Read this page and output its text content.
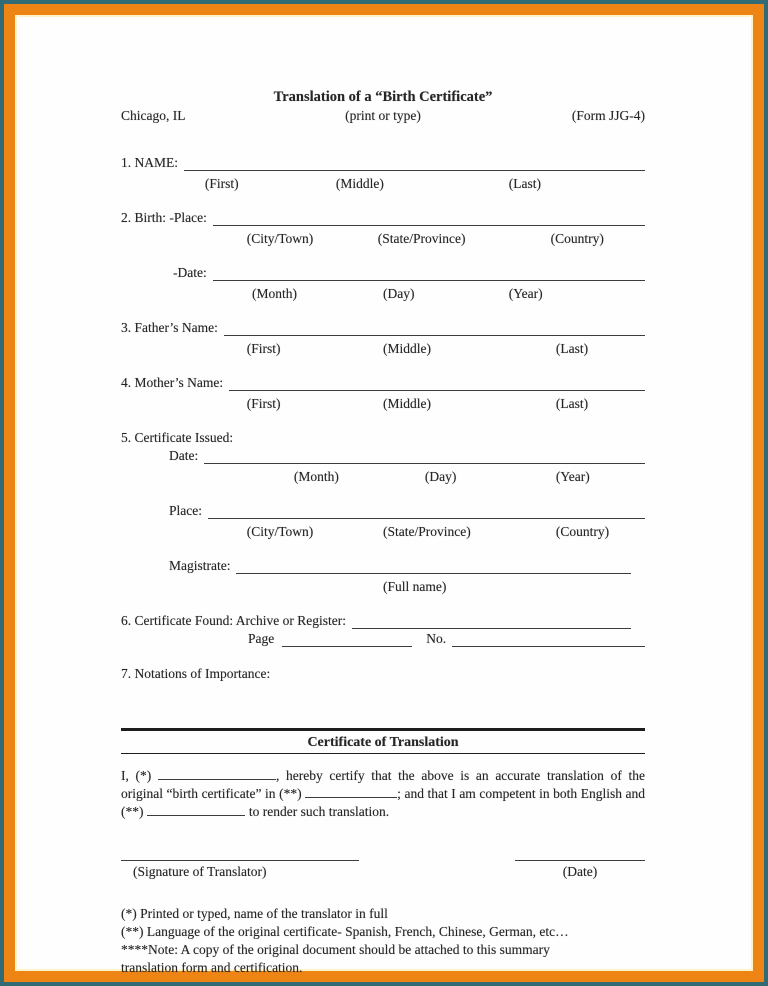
Translation of a “Birth Certificate”
Chicago, IL	(print or type)	(Form JJG-4)
1. NAME:
(First)	(Middle)	(Last)
2. Birth: -Place:
(City/Town)	(State/Province)	(Country)
-Date:
(Month)	(Day)	(Year)
3. Father’s Name:
(First)	(Middle)	(Last)
4. Mother’s Name:
(First)	(Middle)	(Last)
5. Certificate Issued:
Date:
(Month)	(Day)	(Year)
Place:
(City/Town)	(State/Province)	(Country)
Magistrate:
(Full name)
6. Certificate Found: Archive or Register:
Page	No.
7. Notations of Importance:
Certificate of Translation
I, (*)	, hereby certify that the above is an accurate translation of the original “birth certificate” in (**)	; and that I am competent in both English and (**)	to render such translation.
(Signature of Translator)	(Date)
(*) Printed or typed, name of the translator in full
(**) Language of the original certificate- Spanish, French, Chinese, German, etc…
****Note: A copy of the original document should be attached to this summary
translation form and certification.
